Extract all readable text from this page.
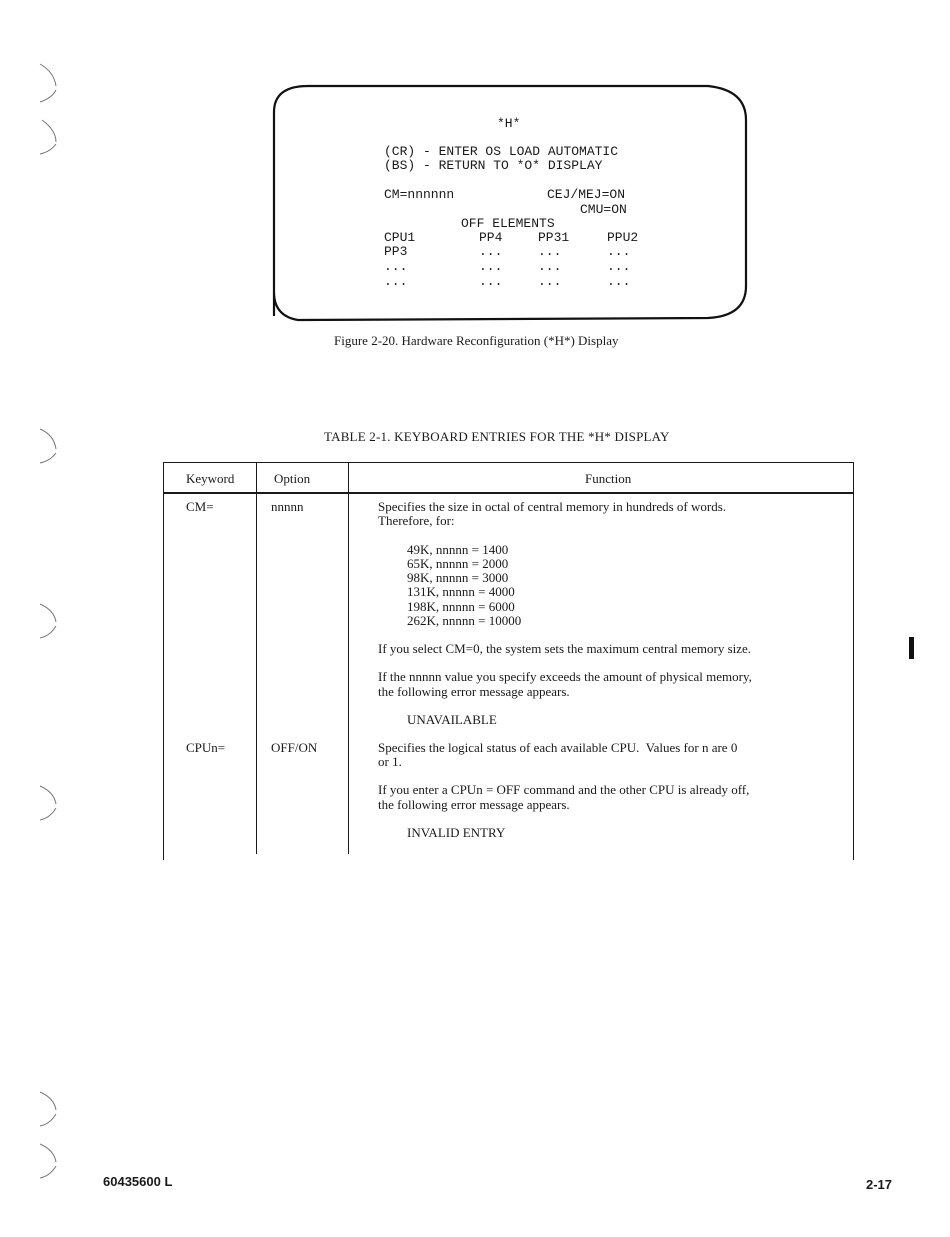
*H*
(CR) - ENTER OS LOAD AUTOMATIC
(BS) - RETURN TO *O* DISPLAY
CM=nnnnnn	CEJ/MEJ=ON
CMU=ON
OFF ELEMENTS
CPU1	PP4	PP31	PPU2
PP3	...	...	...
...	...	...	...
...	...	...	...
Figure 2-20. Hardware Reconfiguration (*H*) Display
TABLE 2-1. KEYBOARD ENTRIES FOR THE *H* DISPLAY
Keyword	Option	Function
CM=	nnnnn	Specifies the size in octal of central memory in hundreds of words.
Therefore, for:
49K, nnnnn = 1400
65K, nnnnn = 2000
98K, nnnnn = 3000
131K, nnnnn = 4000
198K, nnnnn = 6000
262K, nnnnn = 10000
If you select CM=0, the system sets the maximum central memory size.
If the nnnnn value you specify exceeds the amount of physical memory,
the following error message appears.
UNAVAILABLE
CPUn=	OFF/ON	Specifies the logical status of each available CPU.  Values for n are 0
or 1.
If you enter a CPUn = OFF command and the other CPU is already off,
the following error message appears.
INVALID ENTRY
60435600 L	2-17
